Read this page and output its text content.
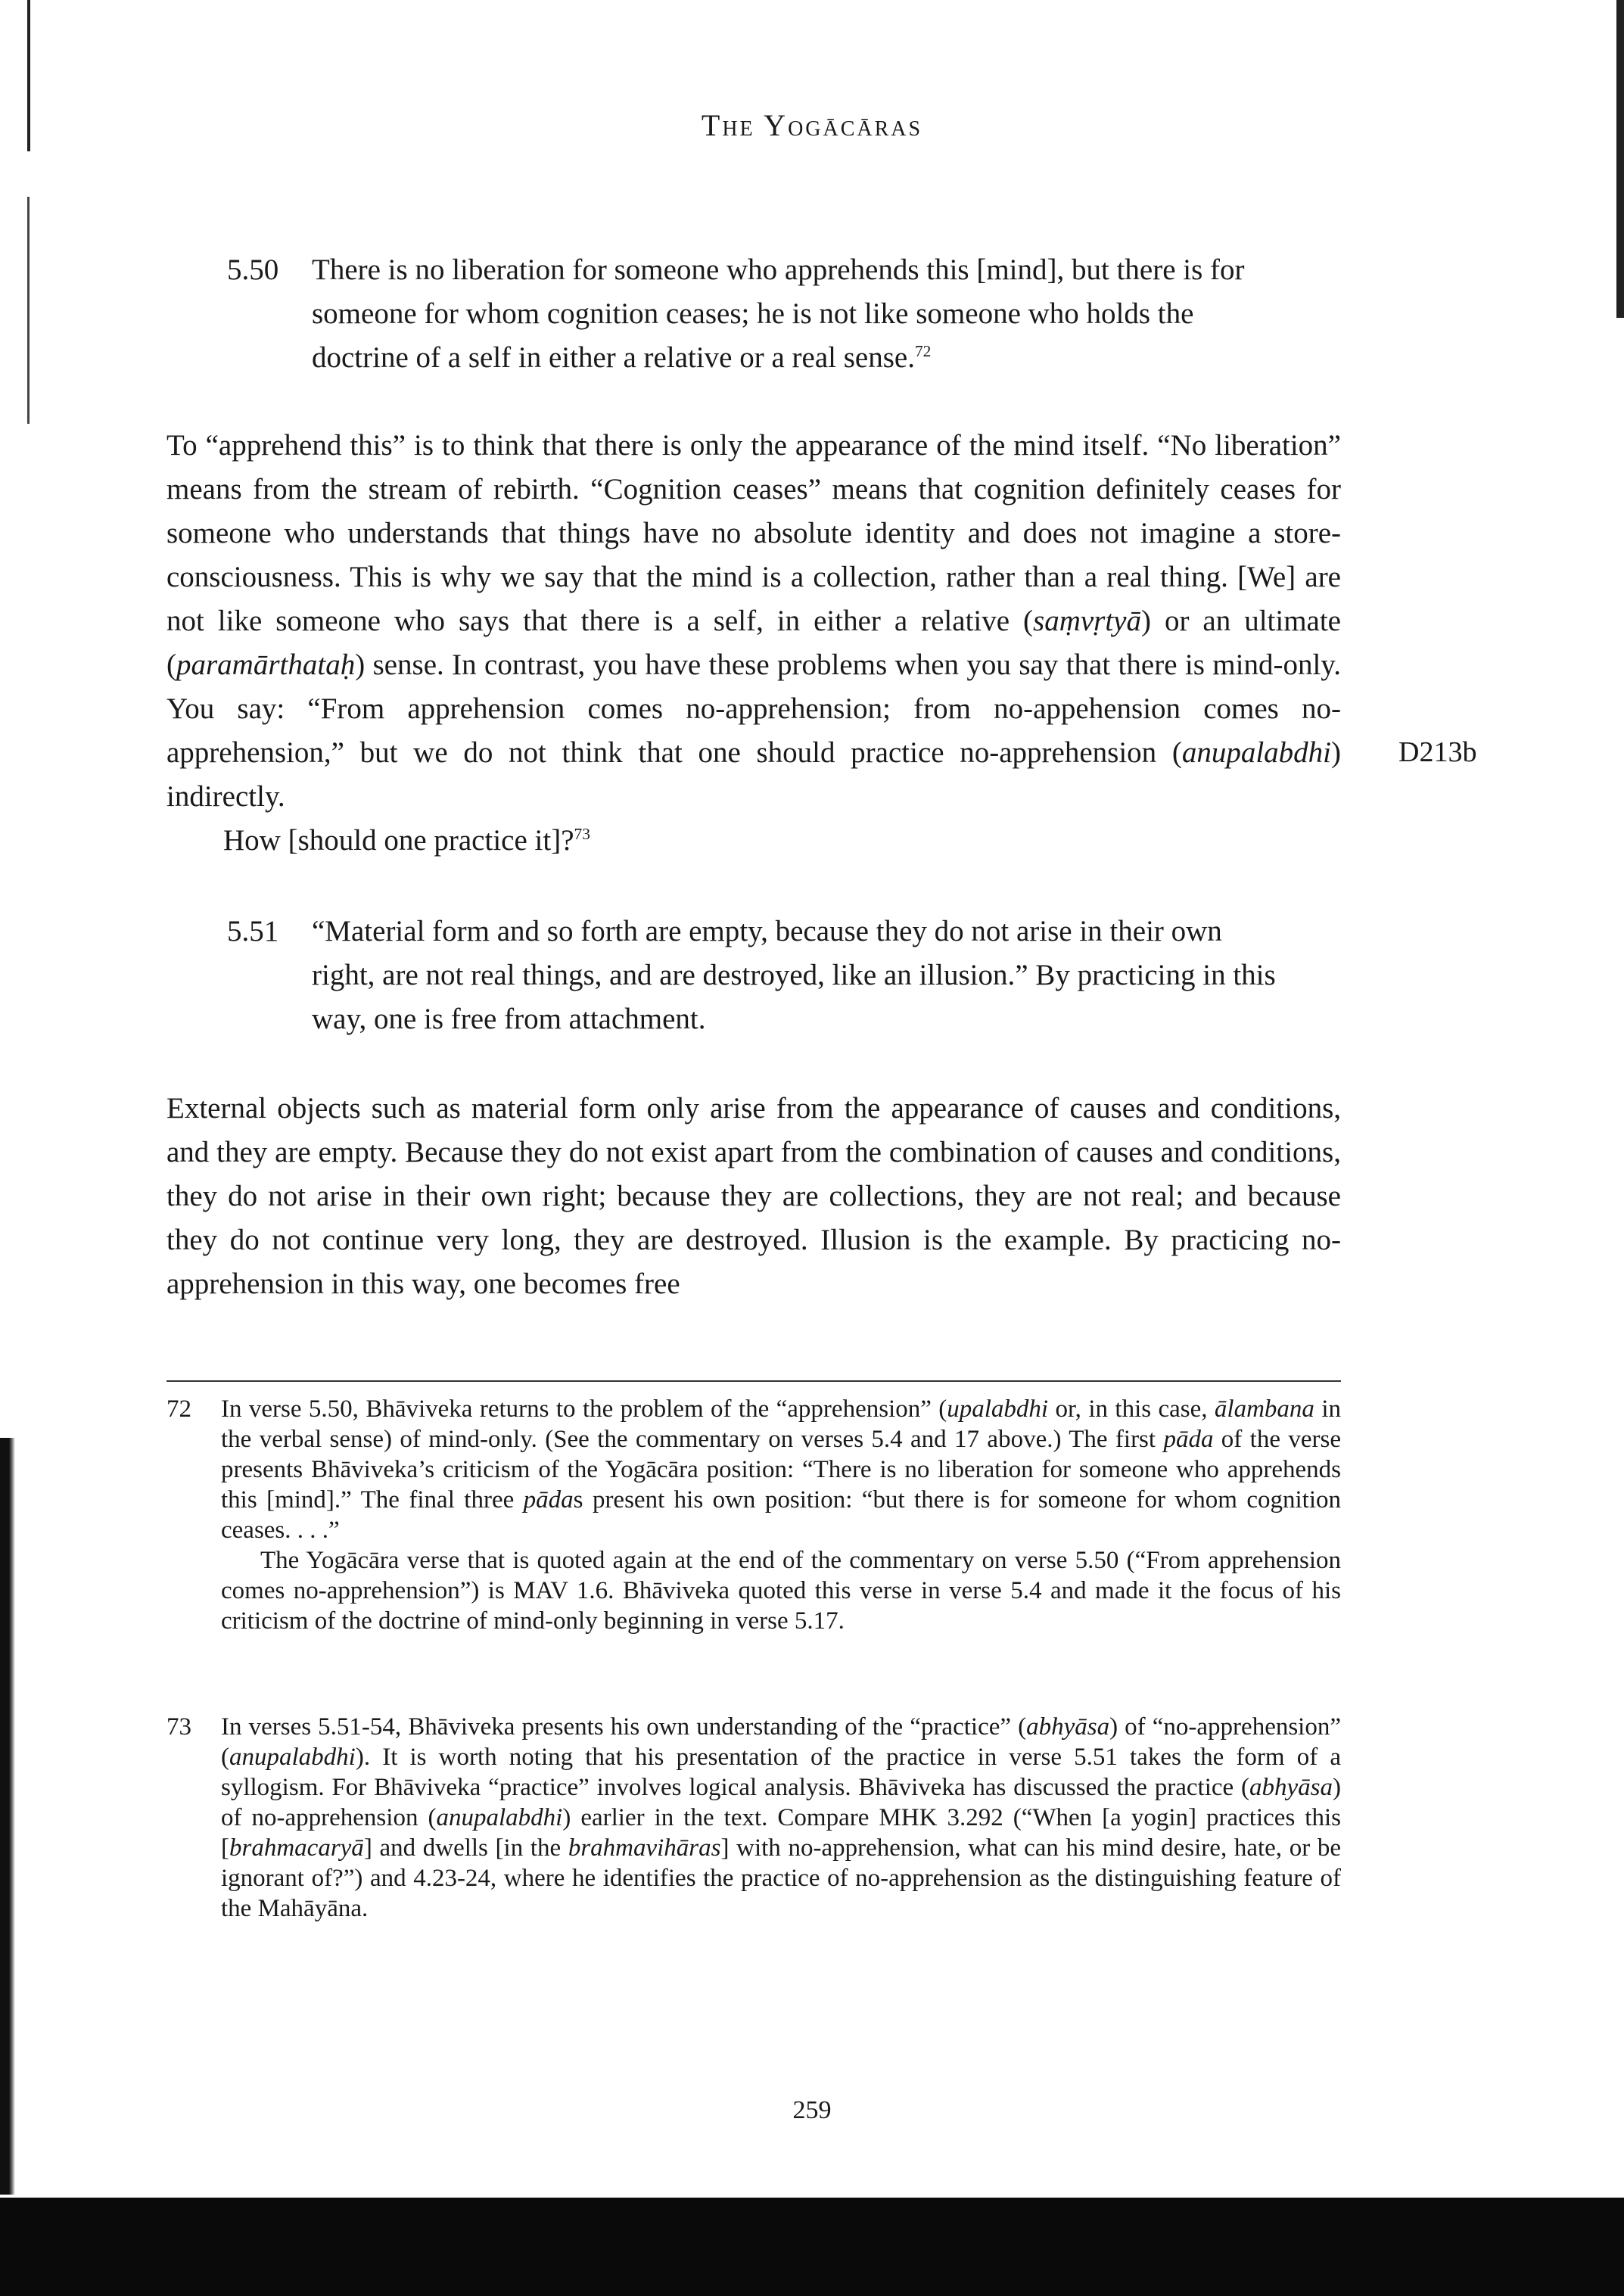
The Yogācāras
5.50 There is no liberation for someone who apprehends this [mind], but there is for someone for whom cognition ceases; he is not like someone who holds the doctrine of a self in either a relative or a real sense.$^{72}$
To “apprehend this” is to think that there is only the appearance of the mind itself. “No liberation” means from the stream of rebirth. “Cognition ceases” means that cognition definitely ceases for someone who understands that things have no absolute identity and does not imagine a store-consciousness. This is why we say that the mind is a collection, rather than a real thing. [We] are not like someone who says that there is a self, in either a relative (saṃvṛtyā) or an ultimate (paramārthataḥ) sense. In contrast, you have these problems when you say that there is mind-only. You say: “From apprehension comes no-apprehension; from no-appehension comes no-apprehension,” but we do not think that one should practice no-apprehension (anupalabdhi) indirectly.
D213b
How [should one practice it]?$^{73}$
5.51 “Material form and so forth are empty, because they do not arise in their own right, are not real things, and are destroyed, like an illusion.” By practicing in this way, one is free from attachment.
External objects such as material form only arise from the appearance of causes and conditions, and they are empty. Because they do not exist apart from the combination of causes and conditions, they do not arise in their own right; because they are collections, they are not real; and because they do not continue very long, they are destroyed. Illusion is the example. By practicing no-apprehension in this way, one becomes free
72 In verse 5.50, Bhāviveka returns to the problem of the “apprehension” (upalabdhi or, in this case, ālambana in the verbal sense) of mind-only. (See the commentary on verses 5.4 and 17 above.) The first pāda of the verse presents Bhāviveka’s criticism of the Yogācāra position: “There is no liberation for someone who apprehends this [mind].” The final three pādas present his own position: “but there is for someone for whom cognition ceases. . . .”

The Yogācāra verse that is quoted again at the end of the commentary on verse 5.50 (“From apprehension comes no-apprehension”) is MAV 1.6. Bhāviveka quoted this verse in verse 5.4 and made it the focus of his criticism of the doctrine of mind-only beginning in verse 5.17.

73 In verses 5.51-54, Bhāviveka presents his own understanding of the “practice” (abhyāsa) of “no-apprehension” (anupalabdhi). It is worth noting that his presentation of the practice in verse 5.51 takes the form of a syllogism. For Bhāviveka “practice” involves logical analysis. Bhāviveka has discussed the practice (abhyāsa) of no-apprehension (anupalabdhi) earlier in the text. Compare MHK 3.292 (“When [a yogin] practices this [brahmacaryā] and dwells [in the brahmavihāras] with no-apprehension, what can his mind desire, hate, or be ignorant of?”) and 4.23-24, where he identifies the practice of no-apprehension as the distinguishing feature of the Mahāyāna.

259
